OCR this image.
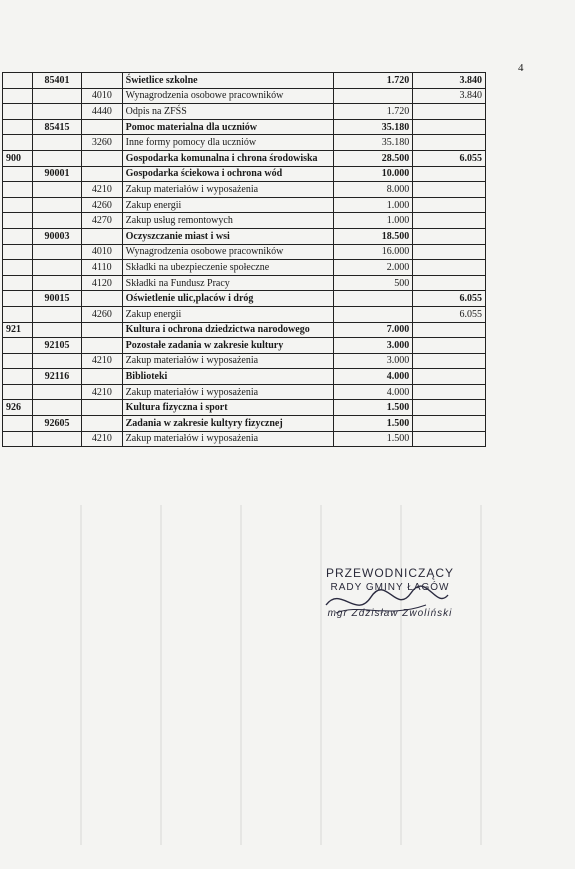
4
	85401		Świetlice szkolne	1.720	3.840
		4010	Wynagrodzenia osobowe pracowników		3.840
		4440	Odpis na ZFŚS	1.720	
	85415		Pomoc materialna dla uczniów	35.180	
		3260	Inne formy pomocy dla uczniów	35.180	
900			Gospodarka komunalna i chrona środowiska	28.500	6.055
	90001		Gospodarka ściekowa i ochrona wód	10.000	
		4210	Zakup materiałów i wyposażenia	8.000	
		4260	Zakup energii	1.000	
		4270	Zakup usług remontowych	1.000	
	90003		Oczyszczanie miast i wsi	18.500	
		4010	Wynagrodzenia osobowe pracowników	16.000	
		4110	Składki na ubezpieczenie społeczne	2.000	
		4120	Składki na Fundusz Pracy	500	
	90015		Oświetlenie ulic,placów i dróg		6.055
		4260	Zakup energii		6.055
921			Kultura i ochrona dziedzictwa narodowego	7.000	
	92105		Pozostałe zadania w zakresie kultury	3.000	
		4210	Zakup materiałów i wyposażenia	3.000	
	92116		Biblioteki	4.000	
		4210	Zakup materiałów i wyposażenia	4.000	
926			Kultura fizyczna i sport	1.500	
	92605		Zadania w zakresie kultyry fizycznej	1.500	
		4210	Zakup materiałów i wyposażenia	1.500	
PRZEWODNICZĄCY
RADY GMINY ŁAGÓW
mgr Zdzisław Zwoliński
